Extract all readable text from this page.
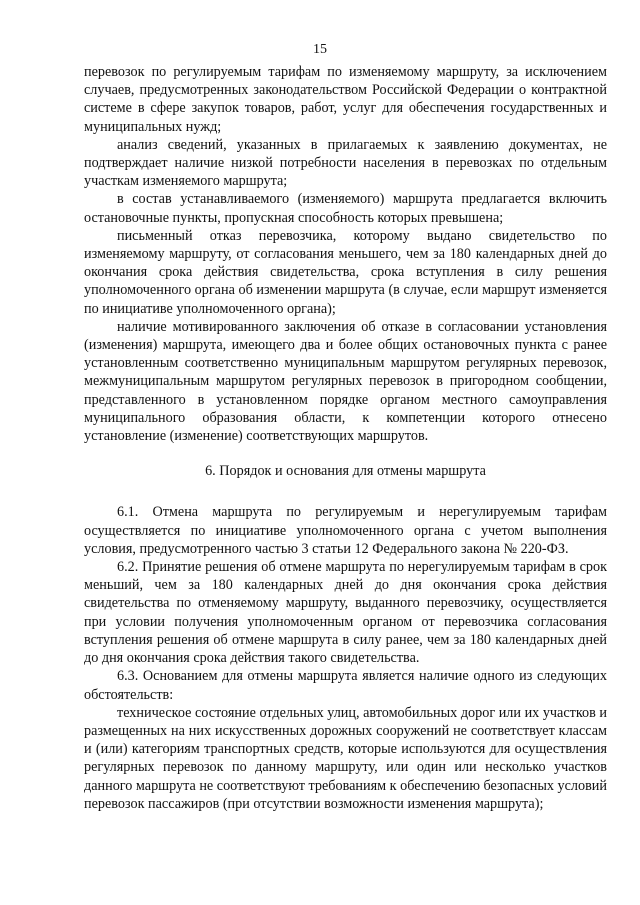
15

перевозок по регулируемым тарифам по изменяемому маршруту, за исключением случаев, предусмотренных законодательством Российской Федерации о контрактной системе в сфере закупок товаров, работ, услуг для обеспечения государственных и муниципальных нужд;

анализ сведений, указанных в прилагаемых к заявлению документах, не подтверждает наличие низкой потребности населения в перевозках по отдельным участкам изменяемого маршрута;

в состав устанавливаемого (изменяемого) маршрута предлагается включить остановочные пункты, пропускная способность которых превышена;

письменный отказ перевозчика, которому выдано свидетельство по изменяемому маршруту, от согласования меньшего, чем за 180 календарных дней до окончания срока действия свидетельства, срока вступления в силу решения уполномоченного органа об изменении маршрута (в случае, если маршрут изменяется по инициативе уполномоченного органа);

наличие мотивированного заключения об отказе в согласовании установления (изменения) маршрута, имеющего два и более общих остановочных пункта с ранее установленным соответственно муниципальным маршрутом регулярных перевозок, межмуниципальным маршрутом регулярных перевозок в пригородном сообщении, представленного в установленном порядке органом местного самоуправления муниципального образования области, к компетенции которого отнесено установление (изменение) соответствующих маршрутов.

6. Порядок и основания для отмены маршрута

6.1. Отмена маршрута по регулируемым и нерегулируемым тарифам осуществляется по инициативе уполномоченного органа с учетом выполнения условия, предусмотренного частью 3 статьи 12 Федерального закона № 220-ФЗ.

6.2. Принятие решения об отмене маршрута по нерегулируемым тарифам в срок меньший, чем за 180 календарных дней до дня окончания срока действия свидетельства по отменяемому маршруту, выданного перевозчику, осуществляется при условии получения уполномоченным органом от перевозчика согласования вступления решения об отмене маршрута в силу ранее, чем за 180 календарных дней до дня окончания срока действия такого свидетельства.

6.3. Основанием для отмены маршрута является наличие одного из следующих обстоятельств:

техническое состояние отдельных улиц, автомобильных дорог или их участков и размещенных на них искусственных дорожных сооружений не соответствует классам и (или) категориям транспортных средств, которые используются для осуществления регулярных перевозок по данному маршруту, или один или несколько участков данного маршрута не соответствуют требованиям к обеспечению безопасных условий перевозок пассажиров (при отсутствии возможности изменения маршрута);
